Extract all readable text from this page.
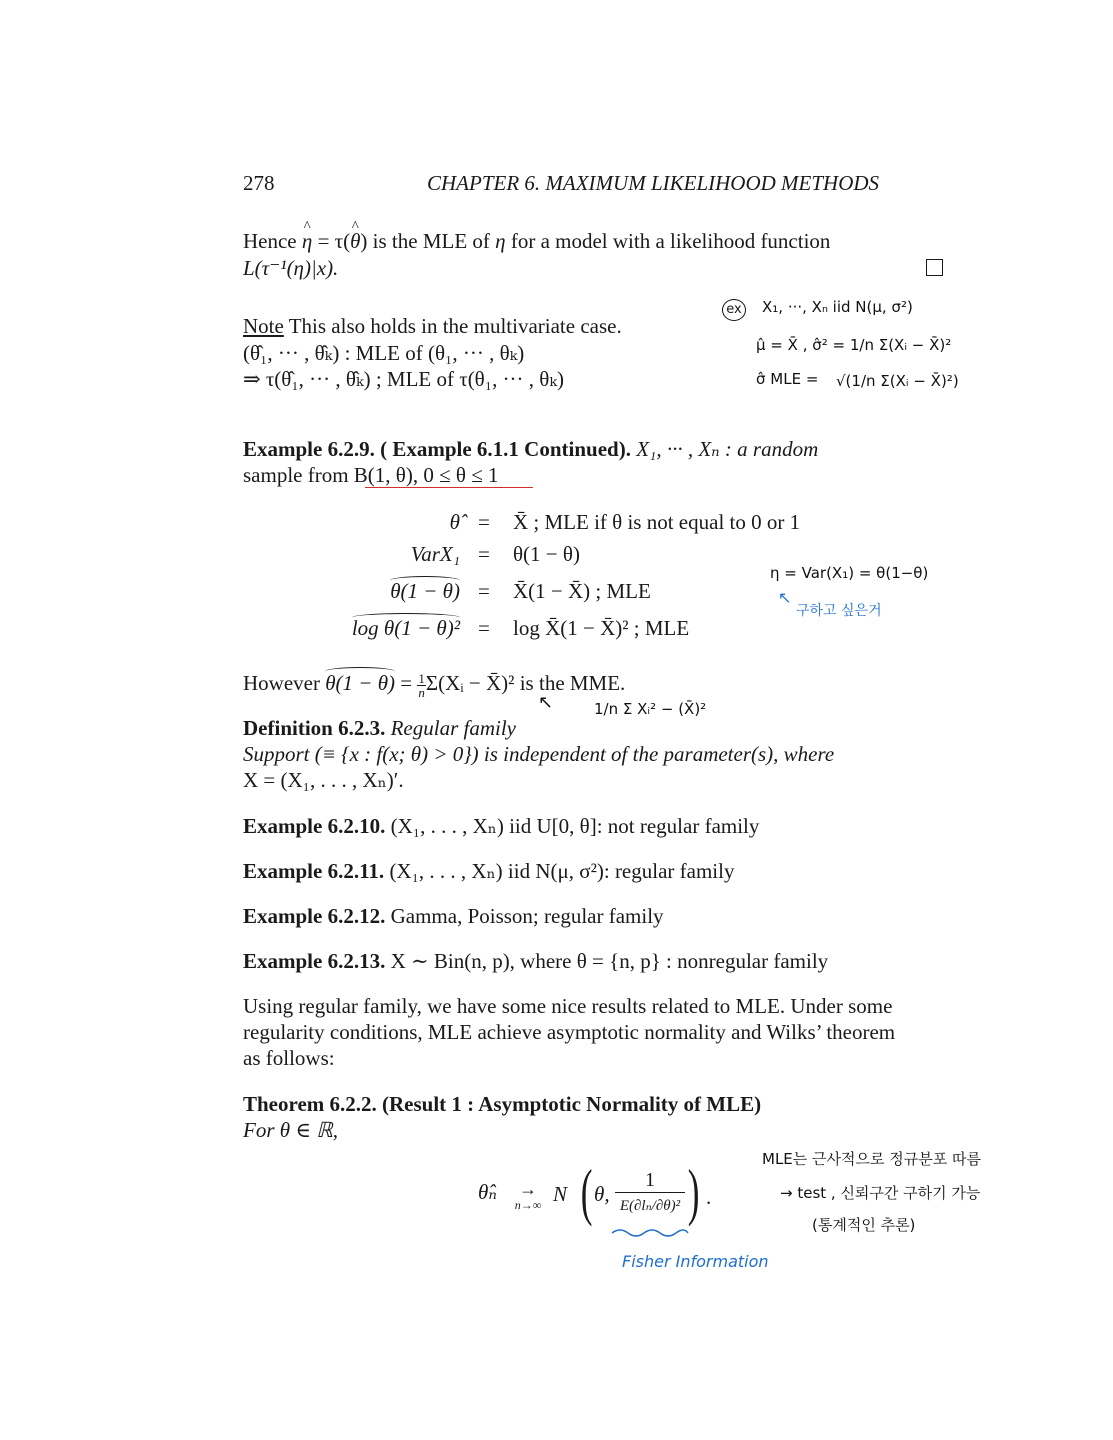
278	CHAPTER 6. MAXIMUM LIKELIHOOD METHODS
Hence ^ η = τ(^ θ) is the MLE of η for a model with a likelihood function
L(τ⁻¹(η)|x).
Note This also holds in the multivariate case.
(θ̂₁, ··· , θ̂ₖ) : MLE of (θ₁, ··· , θₖ)
⇒ τ(θ̂₁, ··· , θ̂ₖ) ; MLE of τ(θ₁, ··· , θₖ)
ex X₁, ···, Xₙ iid N(μ, σ²)
μ̂ = X̄ , σ̂² = 1/n Σ(Xᵢ − X̄)²
σ̂ MLE = √(1/n Σ(Xᵢ − X̄)²)
Example 6.2.9. ( Example 6.1.1 Continued). X₁, ··· , Xₙ : a random
sample from B(1, θ), 0 ≤ θ ≤ 1
θ̂ = X̄ ; MLE if θ is not equal to 0 or 1
VarX₁ = θ(1 − θ)
θ(1 − θ) = X̄(1 − X̄) ; MLE
log θ(1 − θ)² = log X̄(1 − X̄)² ; MLE
η = Var(X₁) = θ(1−θ)
↖
구하고 싶은거
However $\theta(1 - \theta) = \frac{1}{n}$ Σ(Xᵢ − X̄)² is the MME.
↖	1/n Σ Xᵢ² − (X̄)²
Definition 6.2.3. Regular family
Support (≡ {x : f(x; θ) > 0}) is independent of the parameter(s), where
X = (X₁, . . . , Xₙ)′.
Example 6.2.10. (X₁, . . . , Xₙ) iid U[0, θ]: not regular family
Example 6.2.11. (X₁, . . . , Xₙ) iid N(μ, σ²): regular family
Example 6.2.12. Gamma, Poisson; regular family
Example 6.2.13. X ∼ Bin(n, p), where θ = {n, p} : nonregular family
Using regular family, we have some nice results related to MLE. Under some
regularity conditions, MLE achieve asymptotic normality and Wilks’ theorem
as follows:
Theorem 6.2.2. (Result 1 : Asymptotic Normality of MLE)
For θ ∈ ℝ,
θ̂ₙ	→
n→∞ N ( θ,
1
E(∂lₙ/∂θ)² ) .
Fisher Information
MLE는 근사적으로 정규분포 따름
→ test , 신뢰구간 구하기 가능
(통계적인 추론)
